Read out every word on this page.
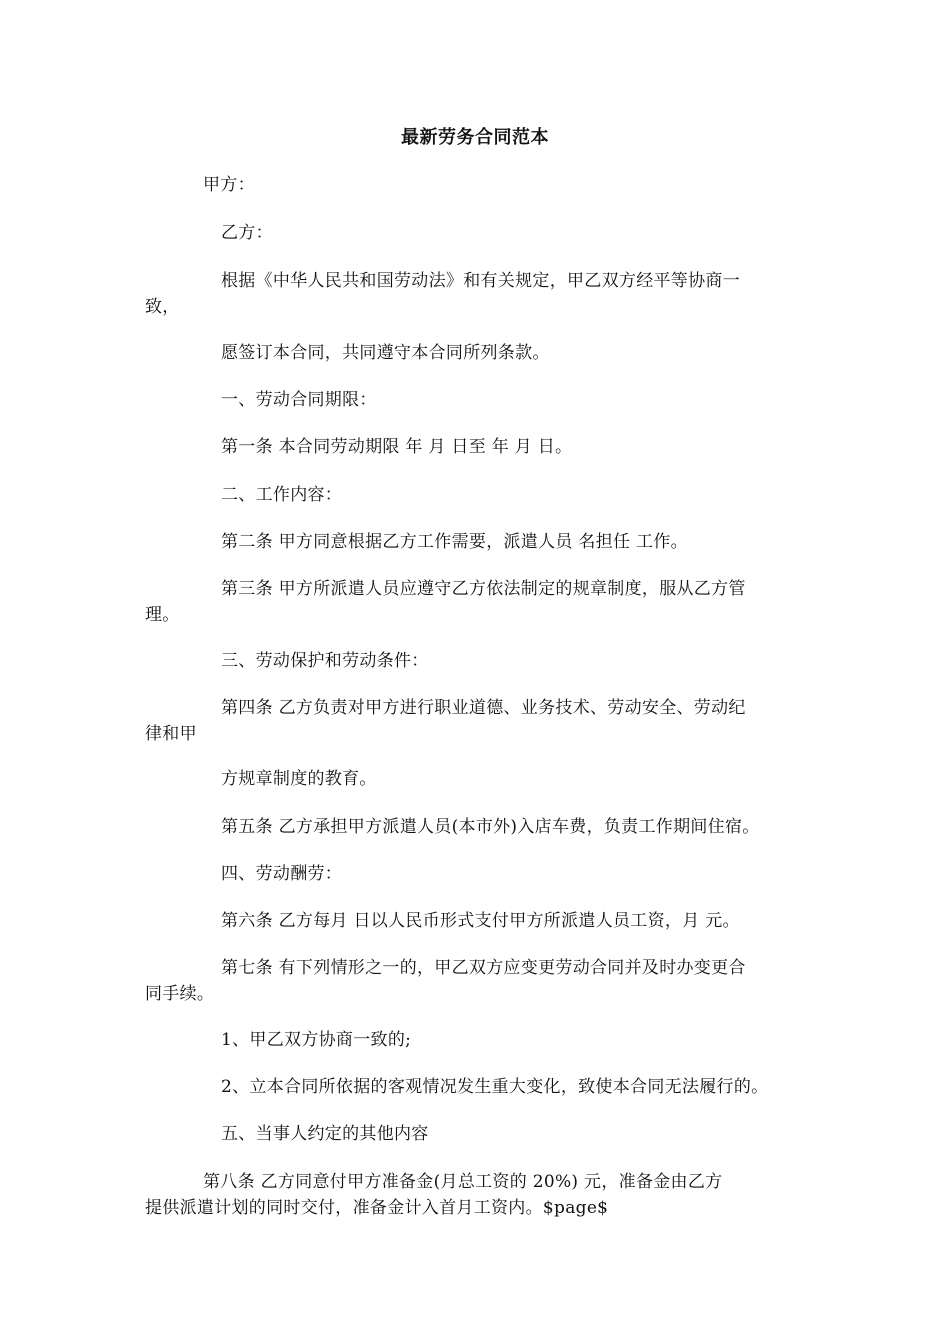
最新劳务合同范本
甲方：
乙方：
根据《中华人民共和国劳动法》和有关规定，甲乙双方经平等协商一
致，
愿签订本合同，共同遵守本合同所列条款。
一、劳动合同期限：
第一条 本合同劳动期限 年 月 日至 年 月 日。
二、工作内容：
第二条 甲方同意根据乙方工作需要，派遣人员 名担任 工作。
第三条 甲方所派遣人员应遵守乙方依法制定的规章制度，服从乙方管
理。
三、劳动保护和劳动条件：
第四条 乙方负责对甲方进行职业道德、业务技术、劳动安全、劳动纪
律和甲
方规章制度的教育。
第五条 乙方承担甲方派遣人员(本市外)入店车费，负责工作期间住宿。
四、劳动酬劳：
第六条 乙方每月 日以人民币形式支付甲方所派遣人员工资，月 元。
第七条 有下列情形之一的，甲乙双方应变更劳动合同并及时办变更合
同手续。
1、甲乙双方协商一致的;
2、立本合同所依据的客观情况发生重大变化，致使本合同无法履行的。
五、当事人约定的其他内容
第八条 乙方同意付甲方准备金(月总工资的 20%) 元，准备金由乙方
提供派遣计划的同时交付，准备金计入首月工资内。$page$
